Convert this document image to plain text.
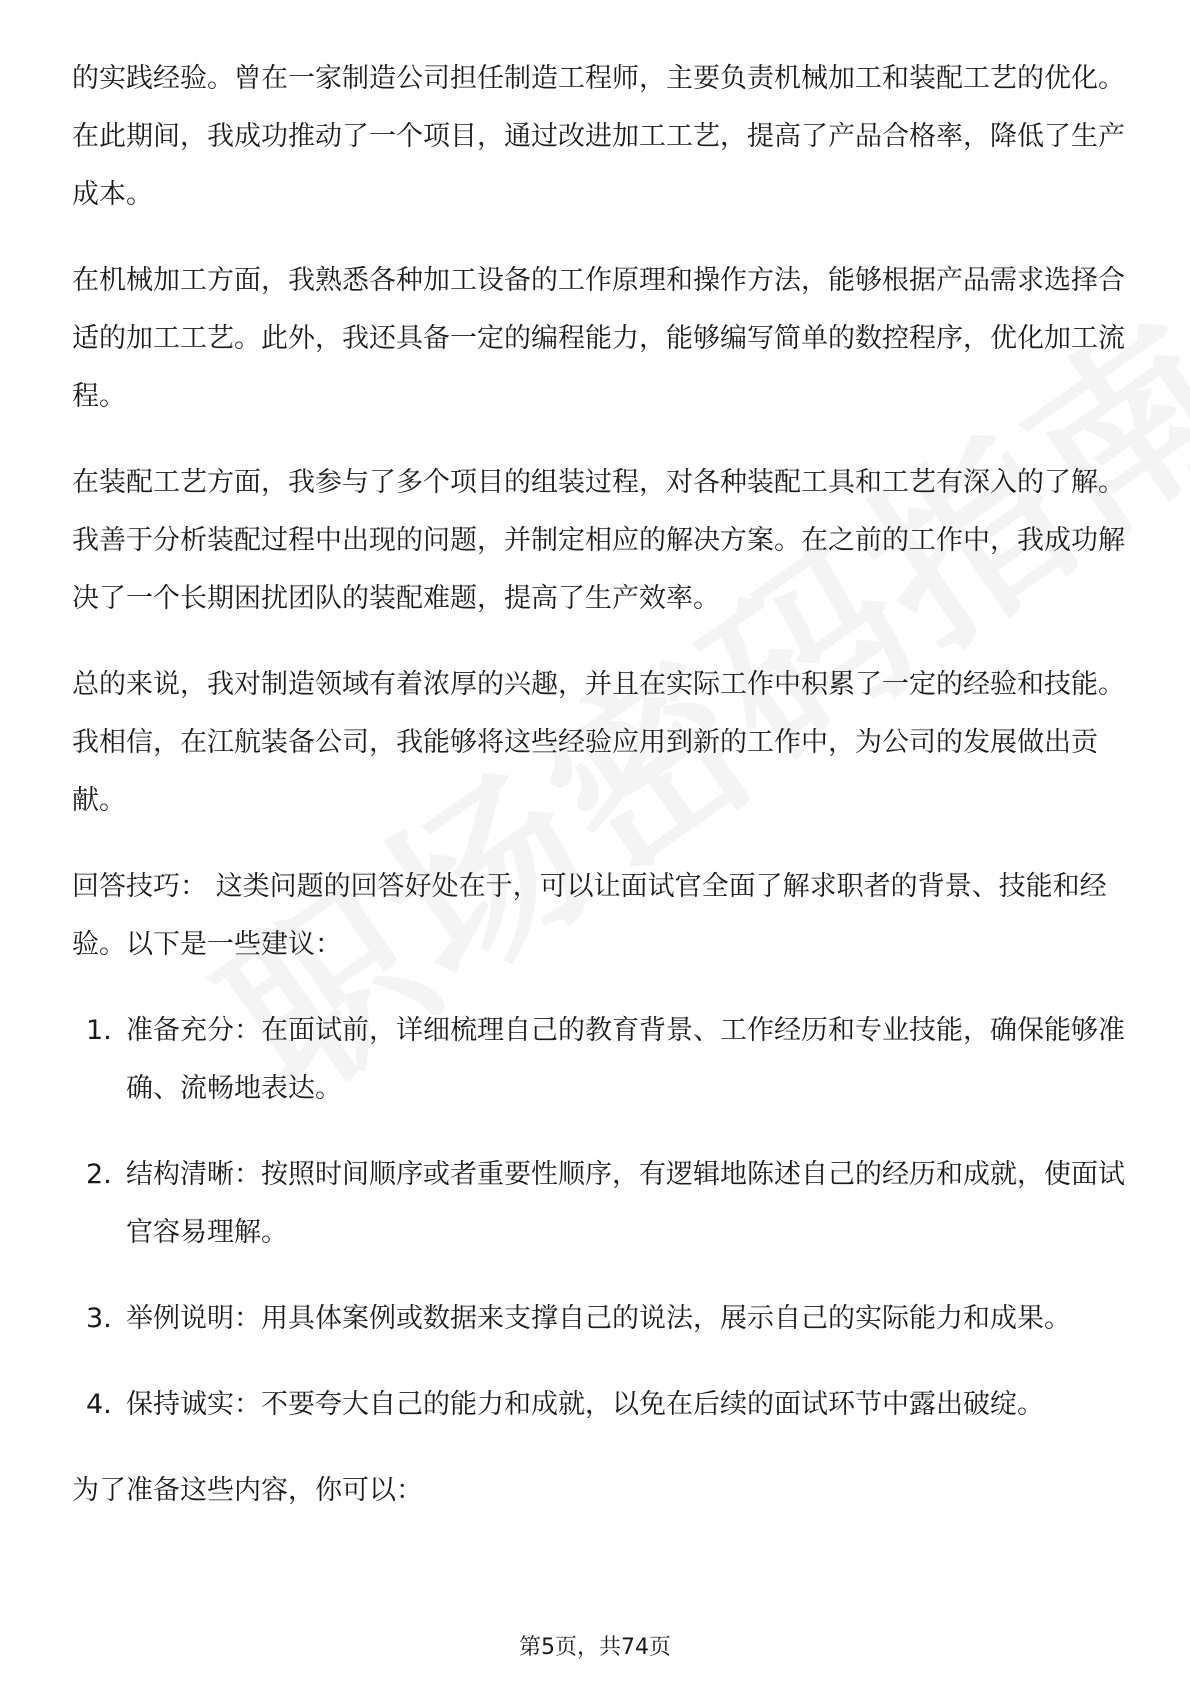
的实践经验。曾在一家制造公司担任制造工程师，主要负责机械加工和装配工艺的优化。在此期间，我成功推动了一个项目，通过改进加工工艺，提高了产品合格率，降低了生产成本。

在机械加工方面，我熟悉各种加工设备的工作原理和操作方法，能够根据产品需求选择合适的加工工艺。此外，我还具备一定的编程能力，能够编写简单的数控程序，优化加工流程。

在装配工艺方面，我参与了多个项目的组装过程，对各种装配工具和工艺有深入的了解。我善于分析装配过程中出现的问题，并制定相应的解决方案。在之前的工作中，我成功解决了一个长期困扰团队的装配难题，提高了生产效率。

总的来说，我对制造领域有着浓厚的兴趣，并且在实际工作中积累了一定的经验和技能。我相信，在江航装备公司，我能够将这些经验应用到新的工作中，为公司的发展做出贡献。

回答技巧： 这类问题的回答好处在于，可以让面试官全面了解求职者的背景、技能和经验。以下是一些建议：

1. 准备充分：在面试前，详细梳理自己的教育背景、工作经历和专业技能，确保能够准确、流畅地表达。
2. 结构清晰：按照时间顺序或者重要性顺序，有逻辑地陈述自己的经历和成就，使面试官容易理解。
3. 举例说明：用具体案例或数据来支撑自己的说法，展示自己的实际能力和成果。
4. 保持诚实：不要夸大自己的能力和成就，以免在后续的面试环节中露出破绽。

为了准备这些内容，你可以：

第5页，共74页
